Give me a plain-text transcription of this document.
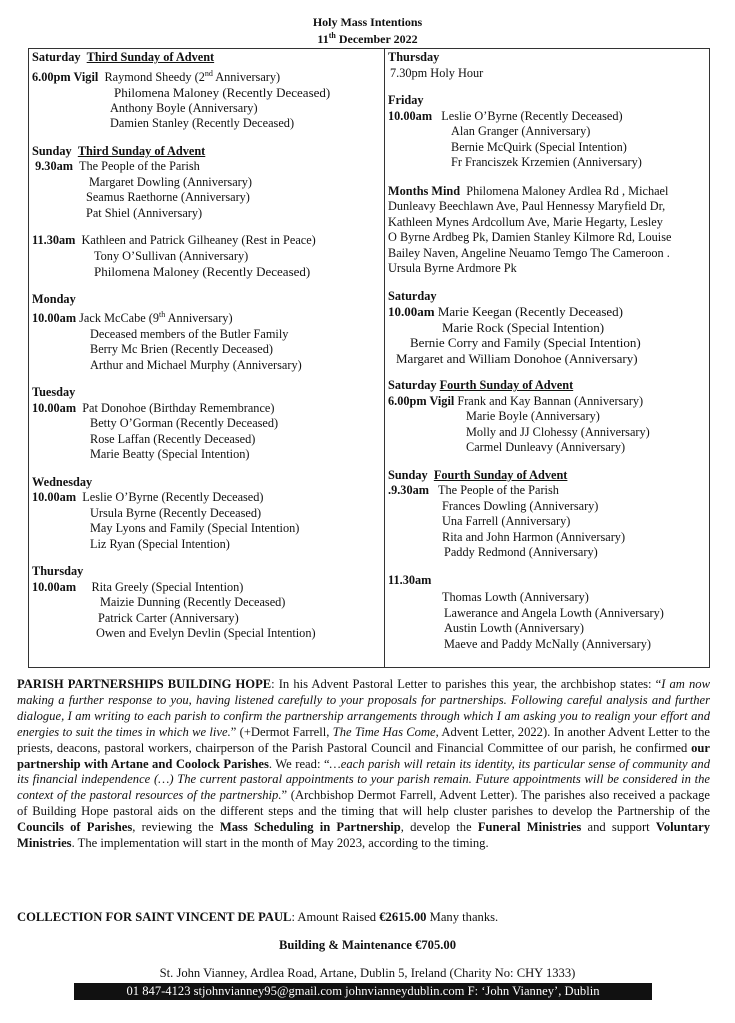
Holy Mass Intentions
11th December 2022
Saturday Third Sunday of Advent
6.00pm Vigil Raymond Sheedy (2nd Anniversary)
Philomena Maloney (Recently Deceased)
Anthony Boyle (Anniversary)
Damien Stanley (Recently Deceased)
Sunday Third Sunday of Advent
9.30am The People of the Parish
Margaret Dowling (Anniversary)
Seamus Raethorne (Anniversary)
Pat Shiel (Anniversary)
11.30am Kathleen and Patrick Gilheaney (Rest in Peace)
Tony O’Sullivan (Anniversary)
Philomena Maloney (Recently Deceased)
Monday
10.00am Jack McCabe (9th Anniversary)
Deceased members of the Butler Family
Berry Mc Brien (Recently Deceased)
Arthur and Michael Murphy (Anniversary)
Tuesday
10.00am Pat Donohoe (Birthday Remembrance)
Betty O’Gorman (Recently Deceased)
Rose Laffan (Recently Deceased)
Marie Beatty (Special Intention)
Wednesday
10.00am Leslie O’Byrne (Recently Deceased)
Ursula Byrne (Recently Deceased)
May Lyons and Family (Special Intention)
Liz Ryan (Special Intention)
Thursday
10.00am Rita Greely (Special Intention)
Maizie Dunning (Recently Deceased)
Patrick Carter (Anniversary)
Owen and Evelyn Devlin (Special Intention)
Thursday
7.30pm Holy Hour
Friday
10.00am Leslie O’Byrne (Recently Deceased)
Alan Granger (Anniversary)
Bernie McQuirk (Special Intention)
Fr Franciszek Krzemien (Anniversary)
Months Mind Philomena Maloney Ardlea Rd , Michael
Dunleavy Beechlawn Ave, Paul Hennessy Maryfield Dr,
Kathleen Mynes Ardcollum Ave, Marie Hegarty, Lesley
O Byrne Ardbeg Pk, Damien Stanley Kilmore Rd, Louise
Bailey Naven, Angeline Neuamo Temgo The Cameroon .
Ursula Byrne Ardmore Pk
Saturday
10.00am Marie Keegan (Recently Deceased)
Marie Rock (Special Intention)
Bernie Corry and Family (Special Intention)
Margaret and William Donohoe (Anniversary)
Saturday Fourth Sunday of Advent
6.00pm Vigil Frank and Kay Bannan (Anniversary)
Marie Boyle (Anniversary)
Molly and JJ Clohessy (Anniversary)
Carmel Dunleavy (Anniversary)
Sunday Fourth Sunday of Advent
.9.30am The People of the Parish
Frances Dowling (Anniversary)
Una Farrell (Anniversary)
Rita and John Harmon (Anniversary)
Paddy Redmond (Anniversary)
11.30am
Thomas Lowth (Anniversary)
Lawerance and Angela Lowth (Anniversary)
Austin Lowth (Anniversary)
Maeve and Paddy McNally (Anniversary)
PARISH PARTNERSHIPS BUILDING HOPE: In his Advent Pastoral Letter to parishes this year, the archbishop states: “I am now making a further response to you, having listened carefully to your proposals for partnerships. Following careful analysis and further dialogue, I am writing to each parish to confirm the partnership arrangements through which I am asking you to realign your effort and energies to suit the times in which we live.” (+Dermot Farrell, The Time Has Come, Advent Letter, 2022). In another Advent Letter to the priests, deacons, pastoral workers, chairperson of the Parish Pastoral Council and Financial Committee of our parish, he confirmed our partnership with Artane and Coolock Parishes. We read: “…each parish will retain its identity, its particular sense of community and its financial independence (…) The current pastoral appointments to your parish remain. Future appointments will be considered in the context of the pastoral resources of the partnership.” (Archbishop Dermot Farrell, Advent Letter). The parishes also received a package of Building Hope pastoral aids on the different steps and the timing that will help cluster parishes to develop the Partnership of the Councils of Parishes, reviewing the Mass Scheduling in Partnership, develop the Funeral Ministries and support Voluntary Ministries. The implementation will start in the month of May 2023, according to the timing.
COLLECTION FOR SAINT VINCENT DE PAUL: Amount Raised €2615.00 Many thanks.
Building & Maintenance €705.00
St. John Vianney, Ardlea Road, Artane, Dublin 5, Ireland (Charity No: CHY 1333)
01 847-4123 stjohnvianney95@gmail.com johnvianneydublin.com F: ‘John Vianney’, Dublin
